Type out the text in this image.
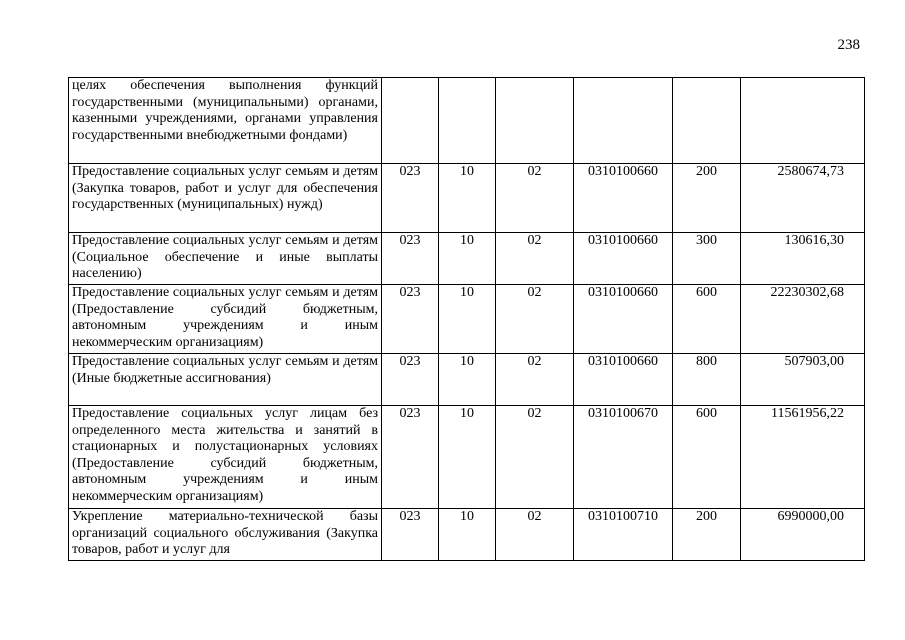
238
целях обеспечения выполнения функций государственными (муниципальными) органами, казенными учреждениями, органами управления государственными внебюджетными фондами)						
Предоставление социальных услуг семьям и детям (Закупка товаров, работ и услуг для обеспечения государственных (муниципальных) нужд)	023	10	02	0310100660	200	2580674,73
Предоставление социальных услуг семьям и детям (Социальное обеспечение и иные выплаты населению)	023	10	02	0310100660	300	130616,30
Предоставление социальных услуг семьям и детям (Предоставление субсидий бюджетным, автономным учреждениям и иным некоммерческим организациям)	023	10	02	0310100660	600	22230302,68
Предоставление социальных услуг семьям и детям (Иные бюджетные ассигнования)	023	10	02	0310100660	800	507903,00
Предоставление социальных услуг лицам без определенного места жительства и занятий в стационарных и полустационарных условиях (Предоставление субсидий бюджетным, автономным учреждениям и иным некоммерческим организациям)	023	10	02	0310100670	600	11561956,22
Укрепление материально-технической базы организаций социального обслуживания (Закупка товаров, работ и услуг для	023	10	02	0310100710	200	6990000,00
